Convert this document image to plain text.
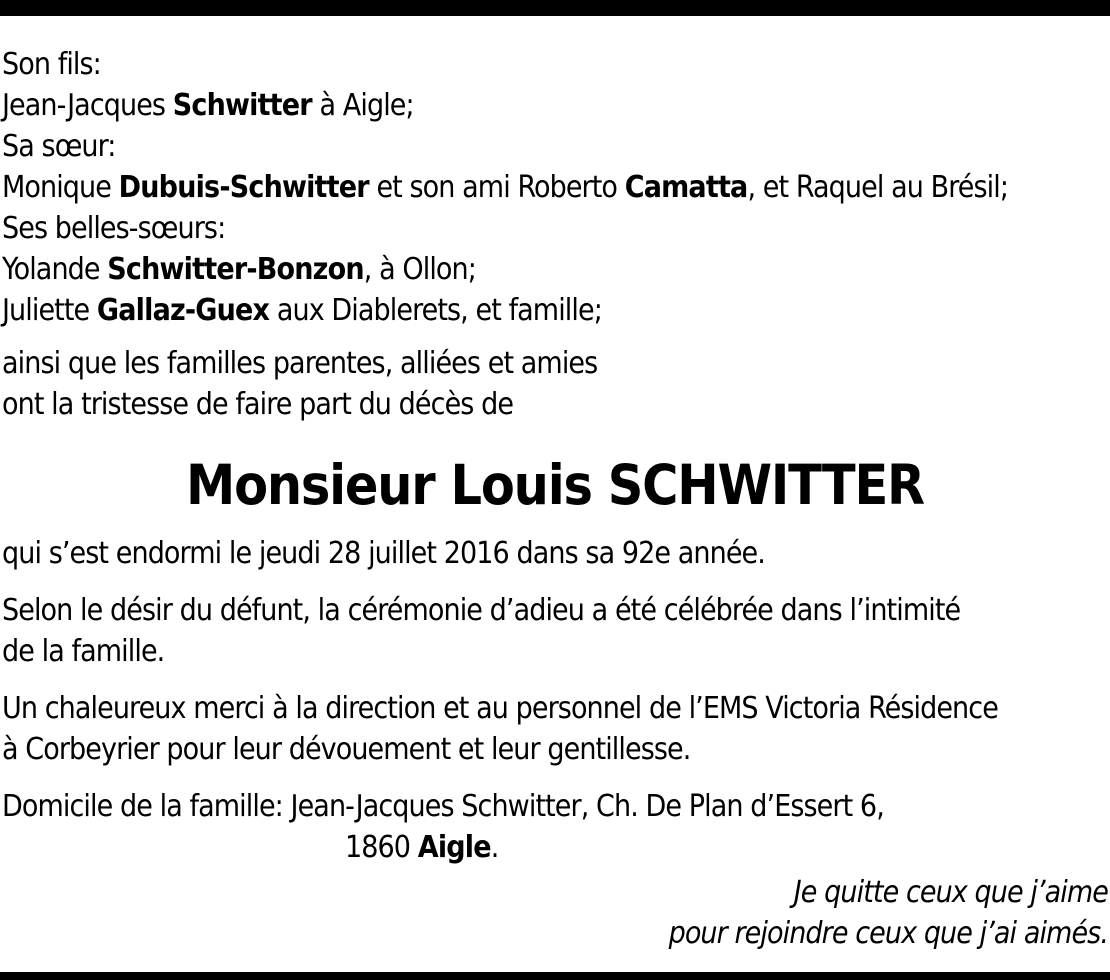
Son fils:
Jean-Jacques Schwitter à Aigle;
Sa sœur:
Monique Dubuis-Schwitter et son ami Roberto Camatta, et Raquel au Brésil;
Ses belles-sœurs:
Yolande Schwitter-Bonzon, à Ollon;
Juliette Gallaz-Guex aux Diablerets, et famille;
ainsi que les familles parentes, alliées et amies
ont la tristesse de faire part du décès de
Monsieur Louis SCHWITTER
qui s’est endormi le jeudi 28 juillet 2016 dans sa 92e année.
Selon le désir du défunt, la cérémonie d’adieu a été célébrée dans l’intimité
de la famille.
Un chaleureux merci à la direction et au personnel de l’EMS Victoria Résidence
à Corbeyrier pour leur dévouement et leur gentillesse.
Domicile de la famille: Jean-Jacques Schwitter, Ch. De Plan d’Essert 6,
1860 Aigle.
Je quitte ceux que j’aime
pour rejoindre ceux que j’ai aimés.
